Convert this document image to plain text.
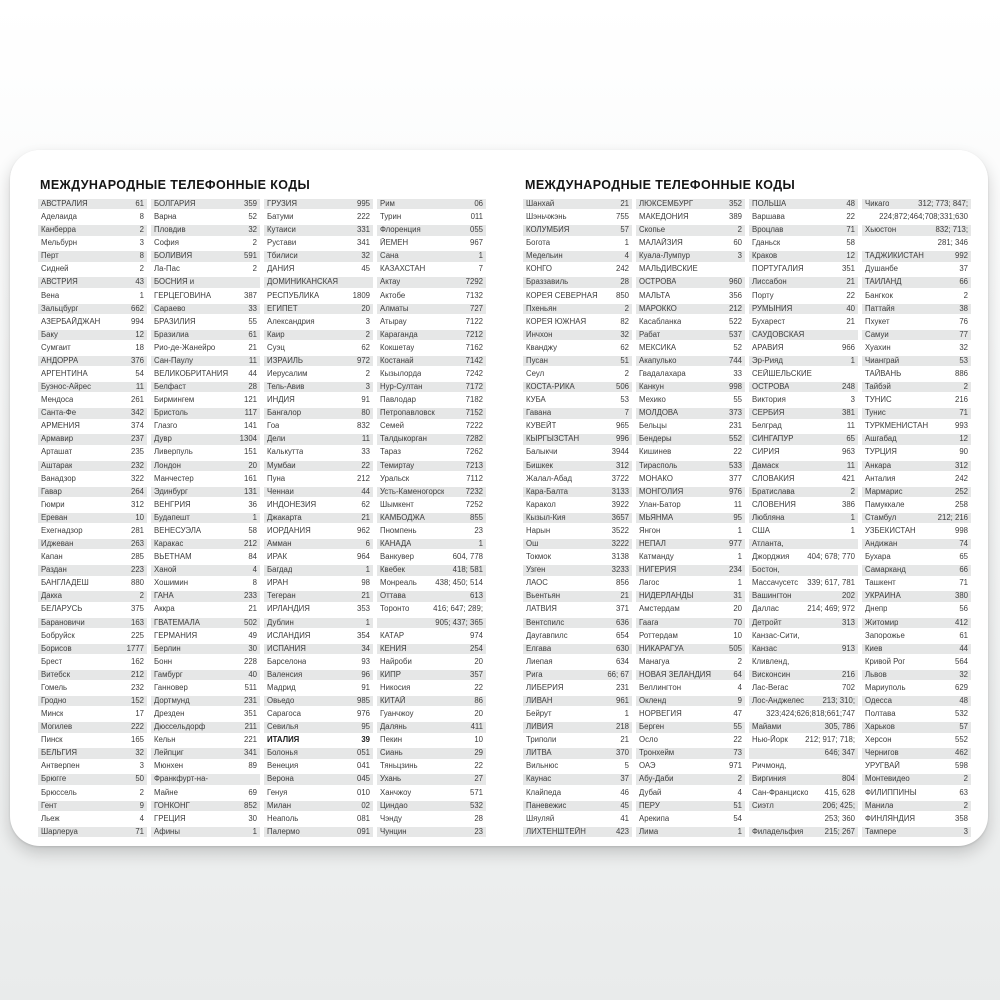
МЕЖДУНАРОДНЫЕ ТЕЛЕФОННЫЕ КОДЫ
АВСТРАЛИЯ	61
Аделаида	8
Канберра	2
Мельбурн	3
Перт	8
Сидней	2
АВСТРИЯ	43
Вена	1
Зальцбург	662
АЗЕРБАЙДЖАН	994
Баку	12
Сумгаит	18
АНДОРРА	376
АРГЕНТИНА	54
Буэнос-Айрес	11
Мендоса	261
Санта-Фе	342
АРМЕНИЯ	374
Армавир	237
Арташат	235
Аштарак	232
Ванадзор	322
Гавар	264
Гюмри	312
Ереван	10
Ехегнадзор	281
Иджеван	263
Капан	285
Раздан	223
БАНГЛАДЕШ	880
Дакка	2
БЕЛАРУСЬ	375
Барановичи	163
Бобруйск	225
Борисов	1777
Брест	162
Витебск	212
Гомель	232
Гродно	152
Минск	17
Могилев	222
Пинск	165
БЕЛЬГИЯ	32
Антверпен	3
Брюгге	50
Брюссель	2
Гент	9
Льеж	4
Шарлеруа	71
БОЛГАРИЯ	359
Варна	52
Пловдив	32
София	2
БОЛИВИЯ	591
Ла-Пас	2
БОСНИЯ и
ГЕРЦЕГОВИНА	387
Сараево	33
БРАЗИЛИЯ	55
Бразилиа	61
Рио-де-Жанейро	21
Сан-Паулу	11
ВЕЛИКОБРИТАНИЯ	44
Белфаст	28
Бирмингем	121
Бристоль	117
Глазго	141
Дувр	1304
Ливерпуль	151
Лондон	20
Манчестер	161
Эдинбург	131
ВЕНГРИЯ	36
Будапешт	1
ВЕНЕСУЭЛА	58
Каракас	212
ВЬЕТНАМ	84
Ханой	4
Хошимин	8
ГАНА	233
Аккра	21
ГВАТЕМАЛА	502
ГЕРМАНИЯ	49
Берлин	30
Бонн	228
Гамбург	40
Ганновер	511
Дортмунд	231
Дрезден	351
Дюссельдорф	211
Кельн	221
Лейпциг	341
Мюнхен	89
Франкфурт-на-
Майне	69
ГОНКОНГ	852
ГРЕЦИЯ	30
Афины	1
ГРУЗИЯ	995
Батуми	222
Кутаиси	331
Рустави	341
Тбилиси	32
ДАНИЯ	45
ДОМИНИКАНСКАЯ
РЕСПУБЛИКА	1809
ЕГИПЕТ	20
Александрия	3
Каир	2
Суэц	62
ИЗРАИЛЬ	972
Иерусалим	2
Тель-Авив	3
ИНДИЯ	91
Бангалор	80
Гоа	832
Дели	11
Калькутта	33
Мумбаи	22
Пуна	212
Ченнаи	44
ИНДОНЕЗИЯ	62
Джакарта	21
ИОРДАНИЯ	962
Амман	6
ИРАК	964
Багдад	1
ИРАН	98
Тегеран	21
ИРЛАНДИЯ	353
Дублин	1
ИСЛАНДИЯ	354
ИСПАНИЯ	34
Барселона	93
Валенсия	96
Мадрид	91
Овьедо	985
Сарагоса	976
Севилья	95
ИТАЛИЯ	39
Болонья	051
Венеция	041
Верона	045
Генуя	010
Милан	02
Неаполь	081
Палермо	091
Рим	06
Турин	011
Флоренция	055
ЙЕМЕН	967
Сана	1
КАЗАХСТАН	7
Актау	7292
Актобе	7132
Алматы	727
Атырау	7122
Караганда	7212
Кокшетау	7162
Костанай	7142
Кызылорда	7242
Нур-Султан	7172
Павлодар	7182
Петропавловск	7152
Семей	7222
Талдыкорган	7282
Тараз	7262
Темиртау	7213
Уральск	7112
Усть-Каменогорск	7232
Шымкент	7252
КАМБОДЖА	855
Пномпень	23
КАНАДА	1
Ванкувер	604, 778
Квебек	418; 581
Монреаль 438; 450; 514
Оттава	613
Торонто	416; 647; 289;
905; 437; 365
КАТАР	974
КЕНИЯ	254
Найроби	20
КИПР	357
Никосия	22
КИТАЙ	86
Гуанчжоу	20
Далянь	411
Пекин	10
Сиань	29
Тяньцзинь	22
Ухань	27
Ханчжоу	571
Циндао	532
Чэнду	28
Чунцин	23
МЕЖДУНАРОДНЫЕ ТЕЛЕФОННЫЕ КОДЫ
Шанхай	21
Шэньчжэнь	755
КОЛУМБИЯ	57
Богота	1
Медельин	4
КОНГО	242
Браззавиль	28
КОРЕЯ СЕВЕРНАЯ 850
Пхеньян	2
КОРЕЯ ЮЖНАЯ	82
Инчхон	32
Кванджу	62
Пусан	51
Сеул	2
КОСТА-РИКА	506
КУБА	53
Гавана	7
КУВЕЙТ	965
КЫРГЫЗСТАН	996
Балыкчи	3944
Бишкек	312
Жалал-Абад	3722
Кара-Балта	3133
Каракол	3922
Кызыл-Кия	3657
Нарын	3522
Ош	3222
Токмок	3138
Узген	3233
ЛАОС	856
Вьентьян	21
ЛАТВИЯ	371
Вентспилс	636
Даугавпилс	654
Елгава	630
Лиепая	634
Рига	66; 67
ЛИБЕРИЯ	231
ЛИВАН	961
Бейрут	1
ЛИВИЯ	218
Триполи	21
ЛИТВА	370
Вильнюс	5
Каунас	37
Клайпеда	46
Паневежис	45
Шяуляй	41
ЛИХТЕНШТЕЙН	423
ЛЮКСЕМБУРГ	352
МАКЕДОНИЯ	389
Скопье	2
МАЛАЙЗИЯ	60
Куала-Лумпур	3
МАЛЬДИВСКИЕ
ОСТРОВА	960
МАЛЬТА	356
МАРОККО	212
Касабланка	522
Рабат	537
МЕКСИКА	52
Акапулько	744
Гвадалахара	33
Канкун	998
Мехико	55
МОЛДОВА	373
Бельцы	231
Бендеры	552
Кишинев	22
Тирасполь	533
МОНАКО	377
МОНГОЛИЯ	976
Улан-Батор	11
МЬЯНМА	95
Янгон	1
НЕПАЛ	977
Катманду	1
НИГЕРИЯ	234
Лагос	1
НИДЕРЛАНДЫ	31
Амстердам	20
Гаага	70
Роттердам	10
НИКАРАГУА	505
Манагуа	2
НОВАЯ ЗЕЛАНДИЯ	64
Веллингтон	4
Окленд	9
НОРВЕГИЯ	47
Берген	55
Осло	22
Тронхейм	73
ОАЭ	971
Абу-Даби	2
Дубай	4
ПЕРУ	51
Арекипа	54
Лима	1
ПОЛЬША	48
Варшава	22
Вроцлав	71
Гданьск	58
Краков	12
ПОРТУГАЛИЯ	351
Лиссабон	21
Порту	22
РУМЫНИЯ	40
Бухарест	21
САУДОВСКАЯ
АРАВИЯ	966
Эр-Рияд	1
СЕЙШЕЛЬСКИЕ
ОСТРОВА	248
Виктория	3
СЕРБИЯ	381
Белград	11
СИНГАПУР	65
СИРИЯ	963
Дамаск	11
СЛОВАКИЯ	421
Братислава	2
СЛОВЕНИЯ	386
Любляна	1
США	1
Атланта,
Джорджия 404; 678; 770
Бостон,
Массачусетс 339; 617, 781
Вашингтон	202
Даллас	214; 469; 972
Детройт	313
Канзас-Сити,
Канзас	913
Кливленд,
Висконсин	216
Лас-Вегас	702
Лос-Анджелес 213; 310;
323;424;626;818;661;747
Майами	305, 786
Нью-Йорк 212; 917; 718;
646; 347
Ричмонд,
Виргиния	804
Сан-Франциско 415, 628
Сиэтл	206; 425;
253; 360
Филадельфия	215; 267
Чикаго	312; 773; 847;
224;872;464;708;331;630
Хьюстон	832; 713;
281; 346
ТАДЖИКИСТАН	992
Душанбе	37
ТАИЛАНД	66
Бангкок	2
Паттайя	38
Пхукет	76
Самуи	77
Хуахин	32
Чианграй	53
ТАЙВАНЬ	886
Тайбэй	2
ТУНИС	216
Тунис	71
ТУРКМЕНИСТАН	993
Ашгабад	12
ТУРЦИЯ	90
Анкара	312
Анталия	242
Мармарис	252
Памуккале	258
Стамбул	212; 216
УЗБЕКИСТАН	998
Андижан	74
Бухара	65
Самарканд	66
Ташкент	71
УКРАИНА	380
Днепр	56
Житомир	412
Запорожье	61
Киев	44
Кривой Рог	564
Львов	32
Мариуполь	629
Одесса	48
Полтава	532
Харьков	57
Херсон	552
Чернигов	462
УРУГВАЙ	598
Монтевидео	2
ФИЛИППИНЫ	63
Манила	2
ФИНЛЯНДИЯ	358
Тампере	3
